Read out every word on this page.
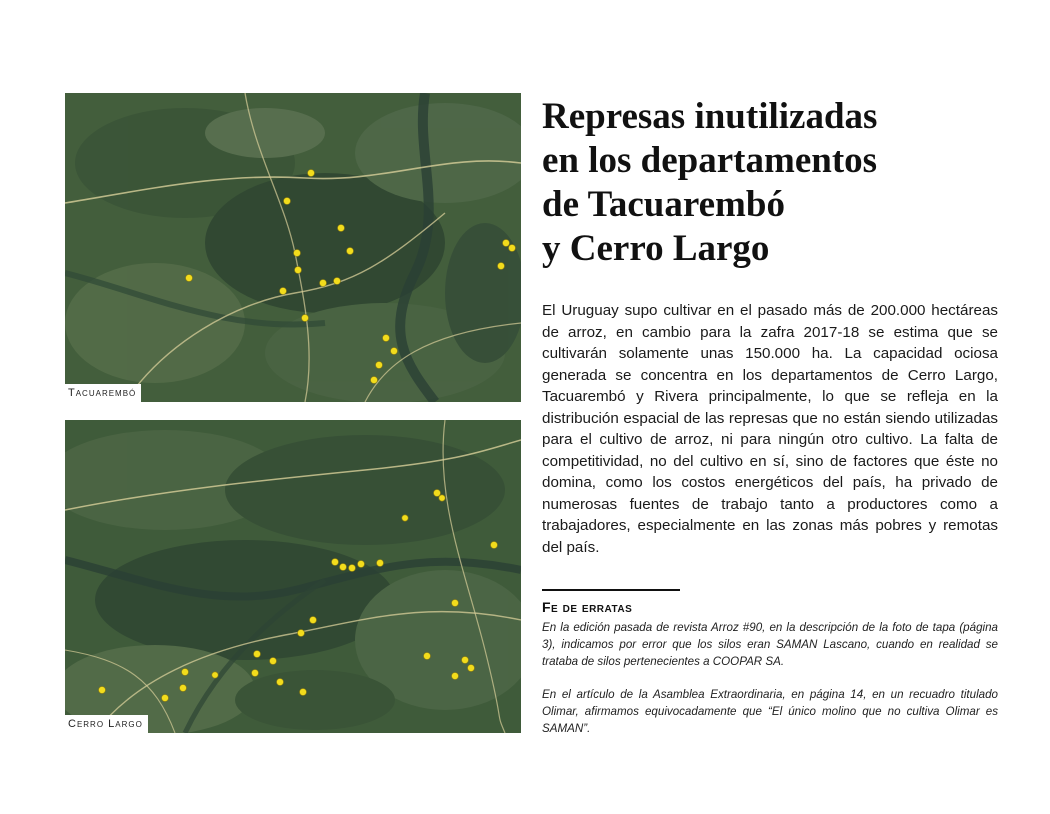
Tacuarembó
Cerro Largo
Represas inutilizadas
en los departamentos
de Tacuarembó
y Cerro Largo

El Uruguay supo cultivar en el pasado más de 200.000 hectáreas de arroz, en cambio para la zafra 2017-18 se estima que se cultivarán solamente unas 150.000 ha. La capacidad ociosa generada se concentra en los departamentos de Cerro Largo, Tacuarembó y Rivera principalmente, lo que se refleja en la distribución espacial de las represas que no están siendo utilizadas para el cultivo de arroz, ni para ningún otro cultivo. La falta de competitividad, no del cultivo en sí, sino de factores que éste no domina, como los costos energéticos del país, ha privado de numerosas fuentes de trabajo tanto a productores como a trabajadores, especialmente en las zonas más pobres y remotas del país.

Fe de erratas

En la edición pasada de revista Arroz #90, en la descripción de la foto de tapa (página 3), indicamos por error que los silos eran SAMAN Lascano, cuando en realidad se trataba de silos pertenecientes a COOPAR SA.

En el artículo de la Asamblea Extraordinaria, en página 14, en un recuadro titulado Olimar, afirmamos equivocadamente que “El único molino que no cultiva Olimar es SAMAN”.
